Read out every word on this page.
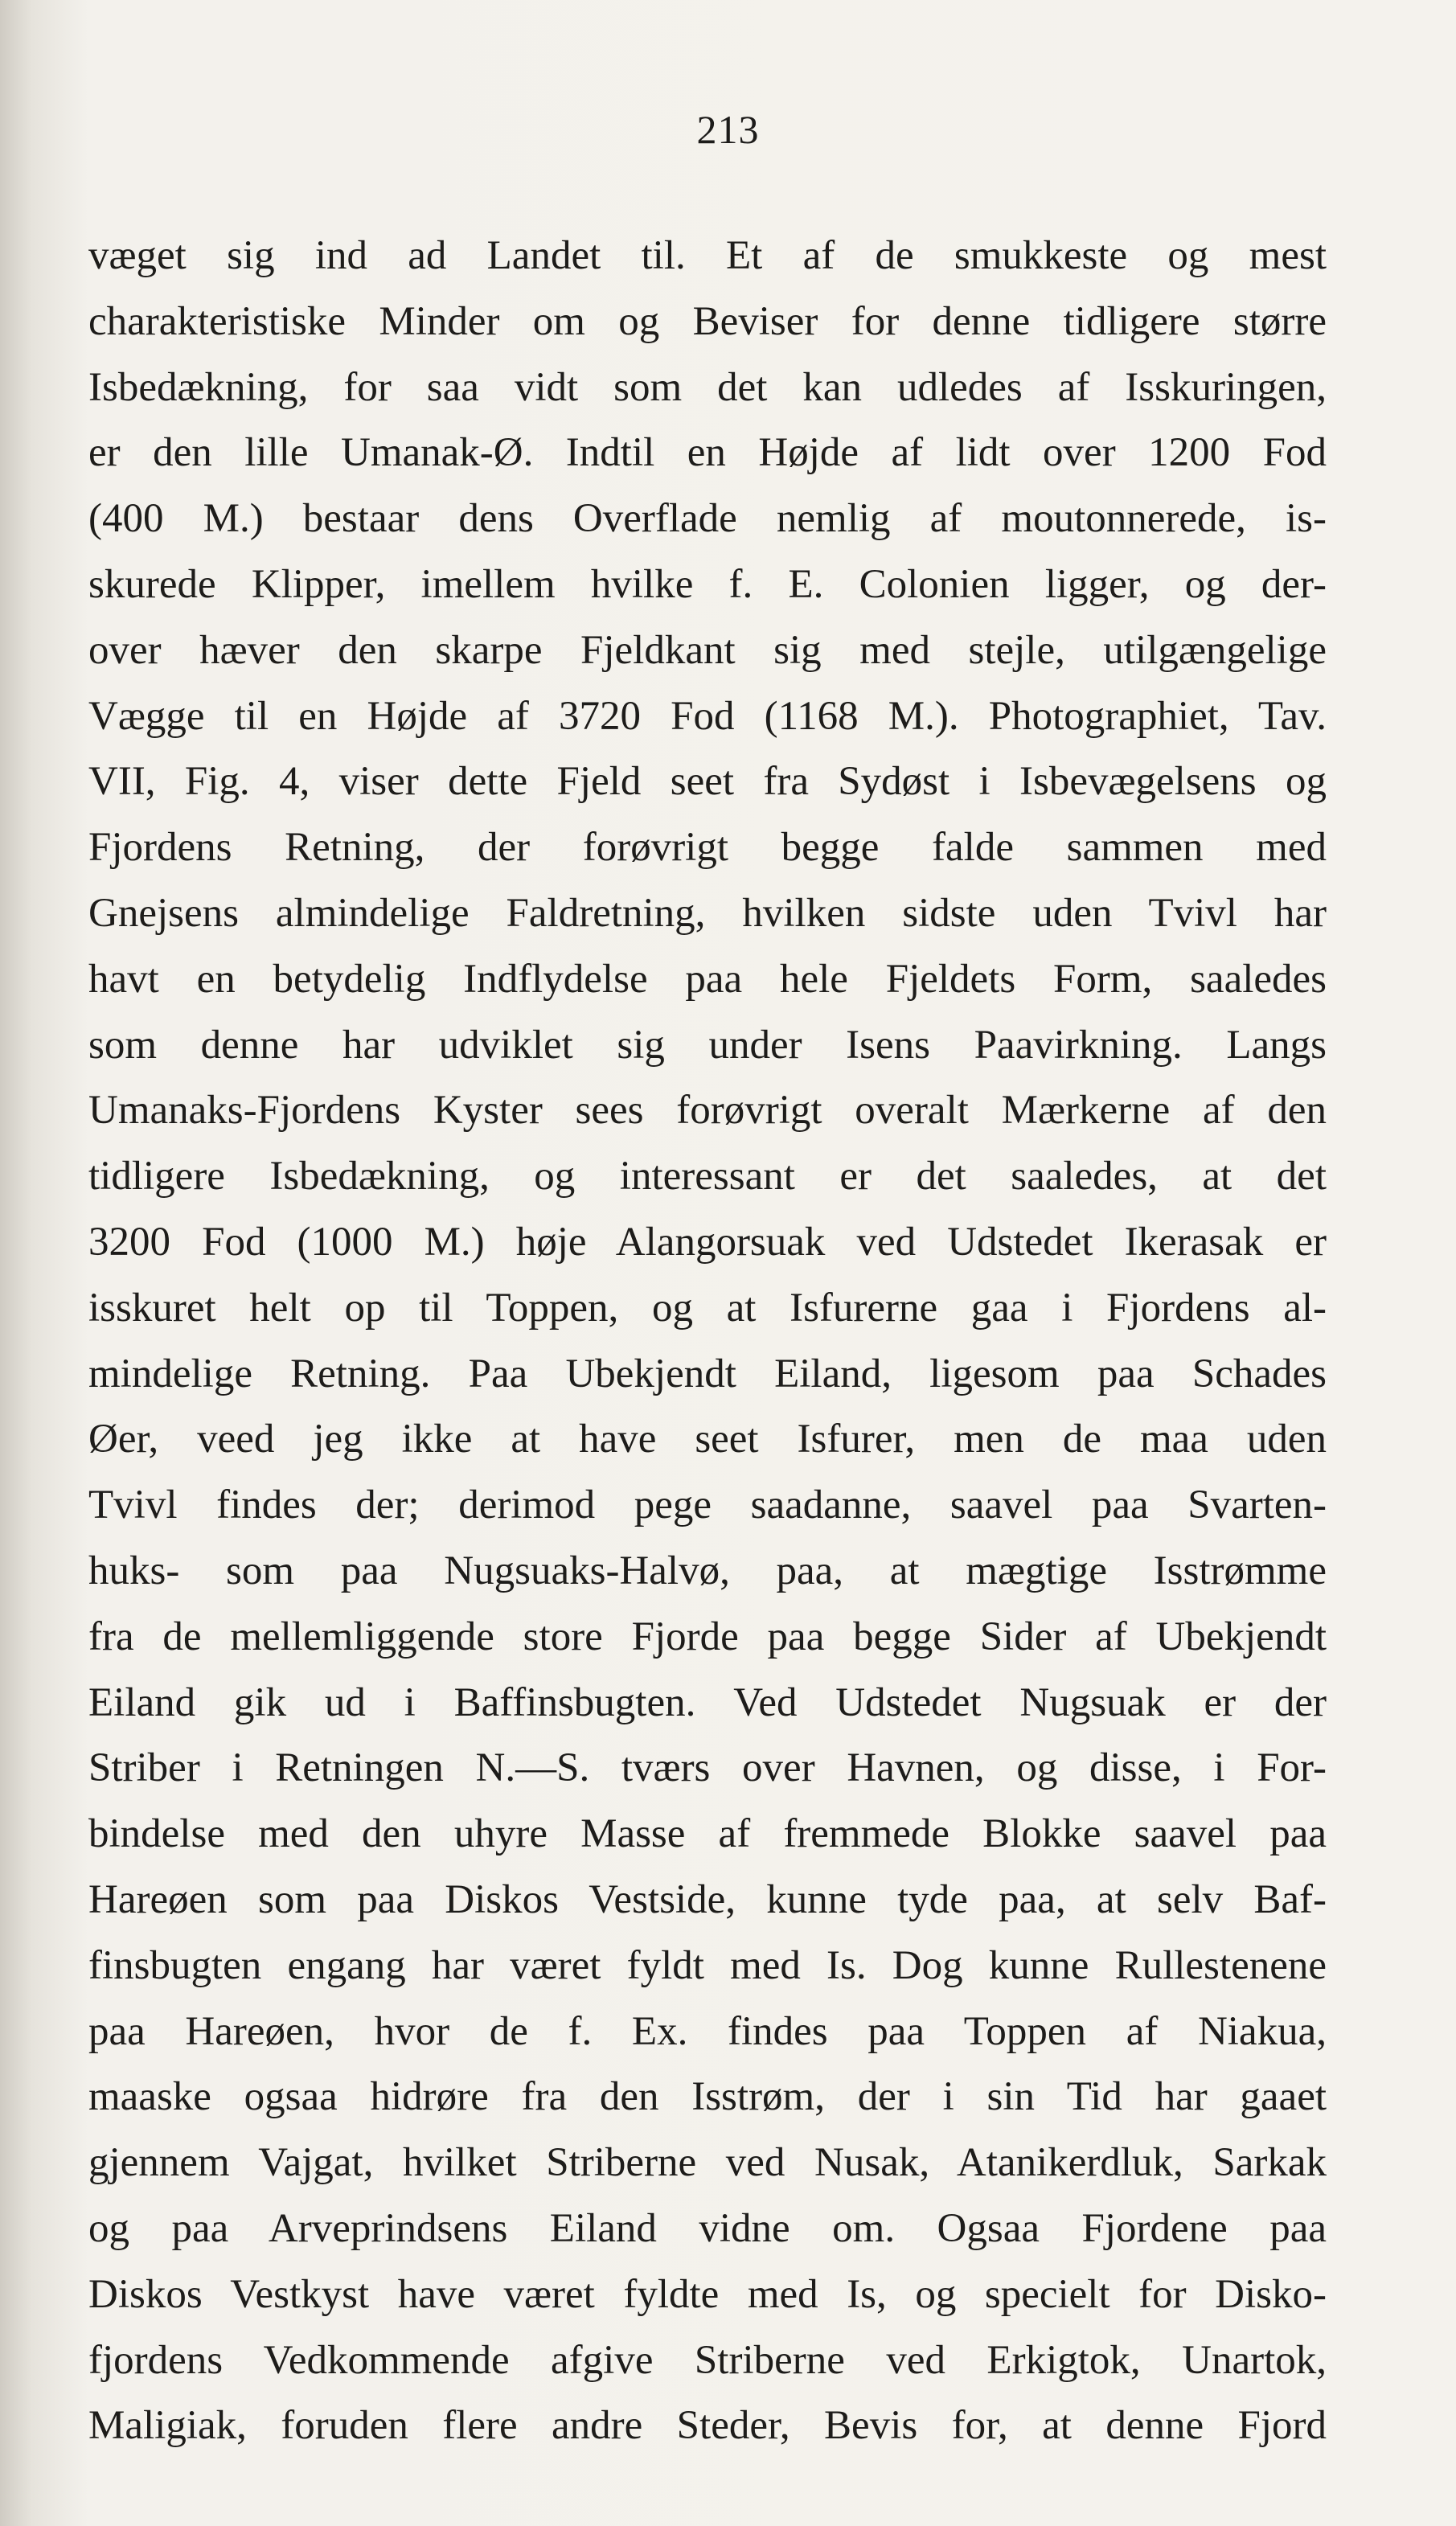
213
væget sig ind ad Landet til. Et af de smukkeste og mest
charakteristiske Minder om og Beviser for denne tidligere større
Isbedækning, for saa vidt som det kan udledes af Isskuringen,
er den lille Umanak-Ø. Indtil en Højde af lidt over 1200 Fod
(400 M.) bestaar dens Overflade nemlig af moutonnerede, is-
skurede Klipper, imellem hvilke f. E. Colonien ligger, og der-
over hæver den skarpe Fjeldkant sig med stejle, utilgængelige
Vægge til en Højde af 3720 Fod (1168 M.). Photographiet, Tav.
VII, Fig. 4, viser dette Fjeld seet fra Sydøst i Isbevægelsens og
Fjordens Retning, der forøvrigt begge falde sammen med
Gnejsens almindelige Faldretning, hvilken sidste uden Tvivl har
havt en betydelig Indflydelse paa hele Fjeldets Form, saaledes
som denne har udviklet sig under Isens Paavirkning. Langs
Umanaks-Fjordens Kyster sees forøvrigt overalt Mærkerne af den
tidligere Isbedækning, og interessant er det saaledes, at det
3200 Fod (1000 M.) høje Alangorsuak ved Udstedet Ikerasak er
isskuret helt op til Toppen, og at Isfurerne gaa i Fjordens al-
mindelige Retning. Paa Ubekjendt Eiland, ligesom paa Schades
Øer, veed jeg ikke at have seet Isfurer, men de maa uden
Tvivl findes der; derimod pege saadanne, saavel paa Svarten-
huks- som paa Nugsuaks-Halvø, paa, at mægtige Isstrømme
fra de mellemliggende store Fjorde paa begge Sider af Ubekjendt
Eiland gik ud i Baffinsbugten. Ved Udstedet Nugsuak er der
Striber i Retningen N.—S. tværs over Havnen, og disse, i For-
bindelse med den uhyre Masse af fremmede Blokke saavel paa
Hareøen som paa Diskos Vestside, kunne tyde paa, at selv Baf-
finsbugten engang har været fyldt med Is. Dog kunne Rullestenene
paa Hareøen, hvor de f. Ex. findes paa Toppen af Niakua,
maaske ogsaa hidrøre fra den Isstrøm, der i sin Tid har gaaet
gjennem Vajgat, hvilket Striberne ved Nusak, Atanikerdluk, Sarkak
og paa Arveprindsens Eiland vidne om. Ogsaa Fjordene paa
Diskos Vestkyst have været fyldte med Is, og specielt for Disko-
fjordens Vedkommende afgive Striberne ved Erkigtok, Unartok,
Maligiak, foruden flere andre Steder, Bevis for, at denne Fjord
